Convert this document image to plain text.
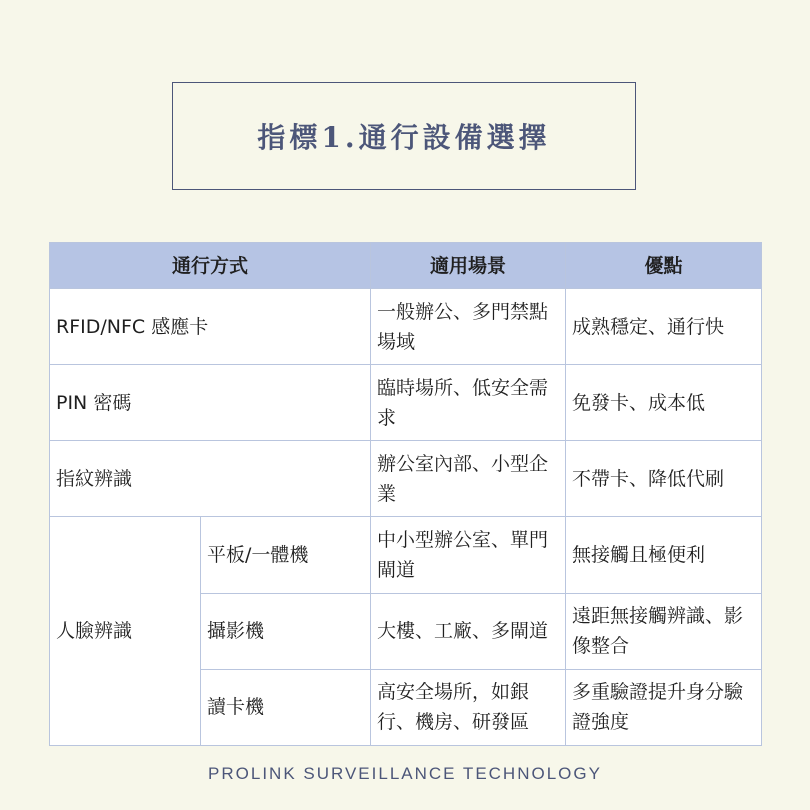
指標1.通行設備選擇
通行方式		適用場景	優點
RFID/NFC 感應卡		一般辦公、多門禁點場域	成熟穩定、通行快
PIN 密碼		臨時場所、低安全需求	免發卡、成本低
指紋辨識		辦公室內部、小型企業	不帶卡、降低代刷
人臉辨識	平板/一體機	中小型辦公室、單門閘道	無接觸且極便利
	攝影機	大樓、工廠、多閘道	遠距無接觸辨識、影像整合
	讀卡機	高安全場所，如銀行、機房、研發區	多重驗證提升身分驗證強度
PROLINK SURVEILLANCE TECHNOLOGY
